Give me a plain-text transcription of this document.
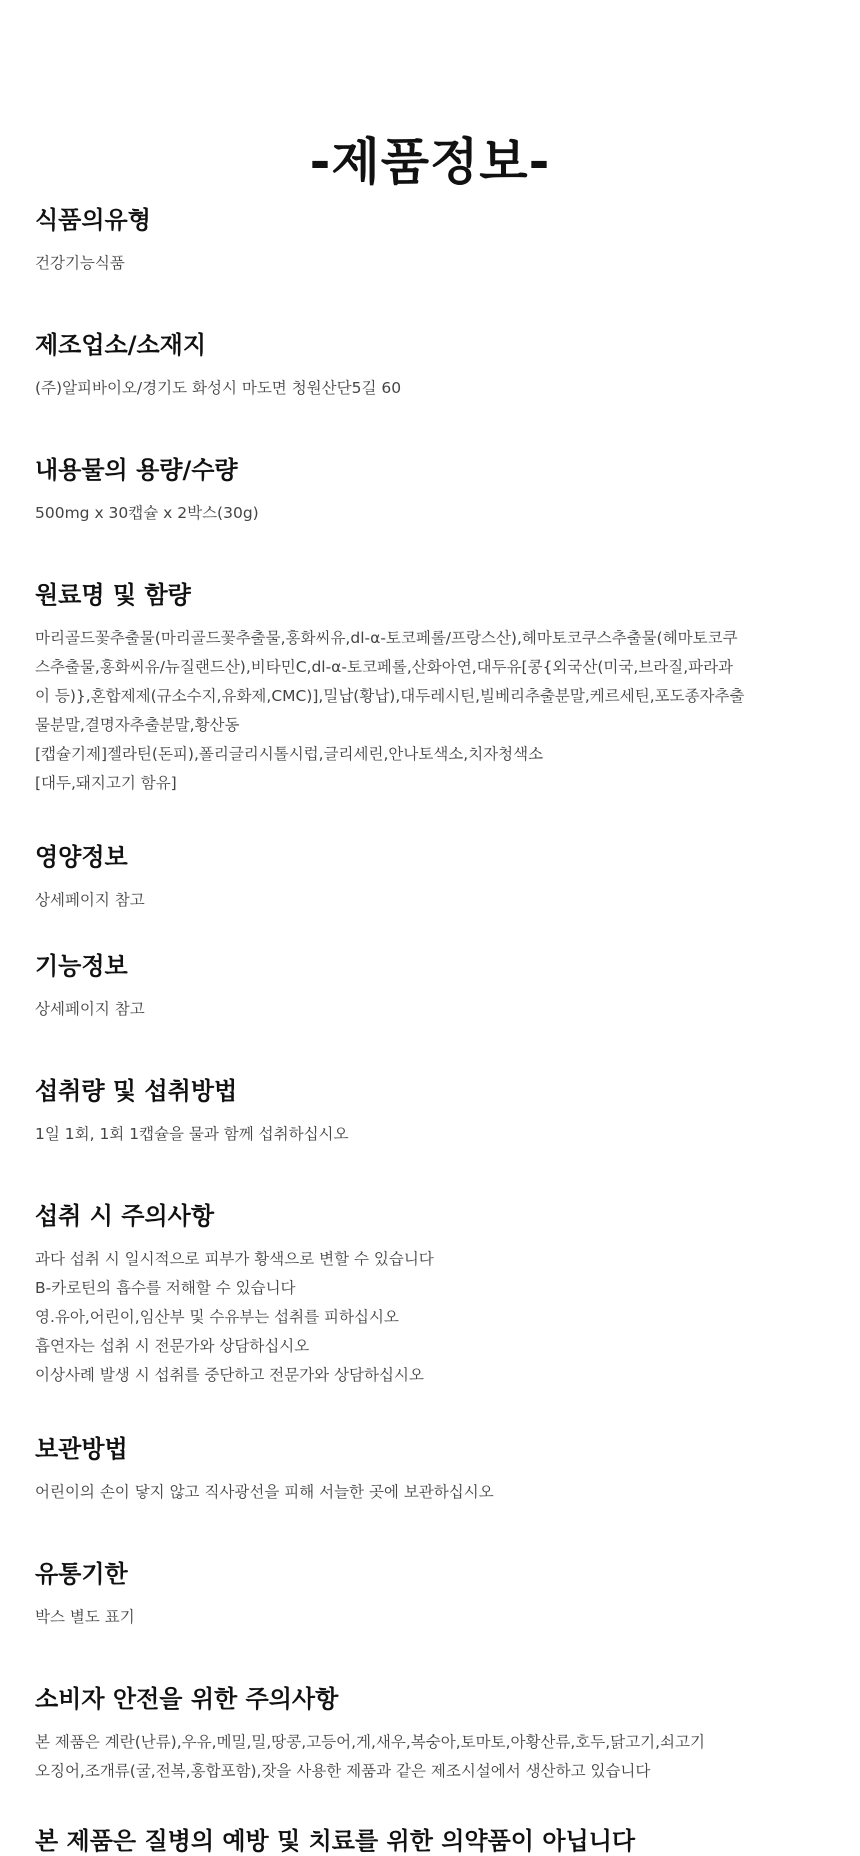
-제품정보-
식품의유형
건강기능식품
제조업소/소재지
(주)알피바이오/경기도 화성시 마도면 청원산단5길 60
내용물의 용량/수량
500mg x 30캡슐 x 2박스(30g)
원료명 및 함량
마리골드꽃추출물(마리골드꽃추출물,홍화씨유,dl-α-토코페롤/프랑스산),헤마토코쿠스추출물(헤마토코쿠
스추출물,홍화씨유/뉴질랜드산),비타민C,dl-α-토코페롤,산화아연,대두유[콩{외국산(미국,브라질,파라과
이 등)},혼합제제(규소수지,유화제,CMC)],밀납(황납),대두레시틴,빌베리추출분말,케르세틴,포도종자추출
물분말,결명자추출분말,황산동
[캡슐기제]젤라틴(돈피),폴리글리시톨시럽,글리세린,안나토색소,치자청색소
[대두,돼지고기 함유]
영양정보
상세페이지 참고
기능정보
상세페이지 참고
섭취량 및 섭취방법
1일 1회, 1회 1캡슐을 물과 함께 섭취하십시오
섭취 시 주의사항
과다 섭취 시 일시적으로 피부가 황색으로 변할 수 있습니다
B-카로틴의 흡수를 저해할 수 있습니다
영.유아,어린이,임산부 및 수유부는 섭취를 피하십시오
흡연자는 섭취 시 전문가와 상담하십시오
이상사례 발생 시 섭취를 중단하고 전문가와 상담하십시오
보관방법
어린이의 손이 닿지 않고 직사광선을 피해 서늘한 곳에 보관하십시오
유통기한
박스 별도 표기
소비자 안전을 위한 주의사항
본 제품은 계란(난류),우유,메밀,밀,땅콩,고등어,게,새우,복숭아,토마토,아황산류,호두,닭고기,쇠고기
오징어,조개류(굴,전복,홍합포함),잣을 사용한 제품과 같은 제조시설에서 생산하고 있습니다
본 제품은 질병의 예방 및 치료를 위한 의약품이 아닙니다
